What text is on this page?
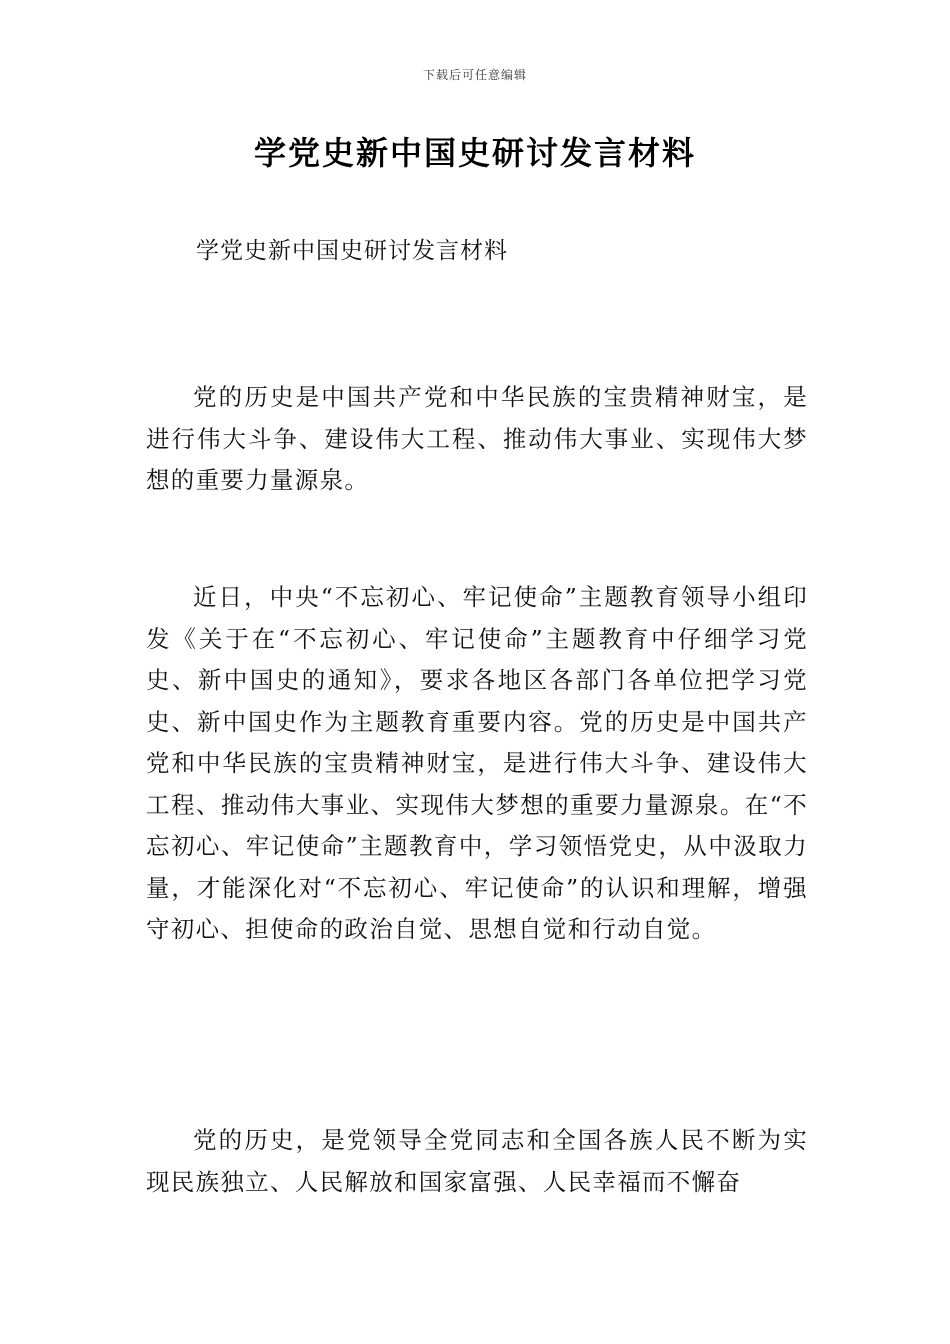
下载后可任意编辑
学党史新中国史研讨发言材料
学党史新中国史研讨发言材料

党的历史是中国共产党和中华民族的宝贵精神财宝，是进行伟大斗争、建设伟大工程、推动伟大事业、实现伟大梦想的重要力量源泉。

近日，中央“不忘初心、牢记使命”主题教育领导小组印发《关于在“不忘初心、牢记使命”主题教育中仔细学习党史、新中国史的通知》，要求各地区各部门各单位把学习党史、新中国史作为主题教育重要内容。党的历史是中国共产党和中华民族的宝贵精神财宝，是进行伟大斗争、建设伟大工程、推动伟大事业、实现伟大梦想的重要力量源泉。在“不忘初心、牢记使命”主题教育中，学习领悟党史，从中汲取力量，才能深化对“不忘初心、牢记使命”的认识和理解，增强守初心、担使命的政治自觉、思想自觉和行动自觉。

党的历史，是党领导全党同志和全国各族人民不断为实现民族独立、人民解放和国家富强、人民幸福而不懈奋
